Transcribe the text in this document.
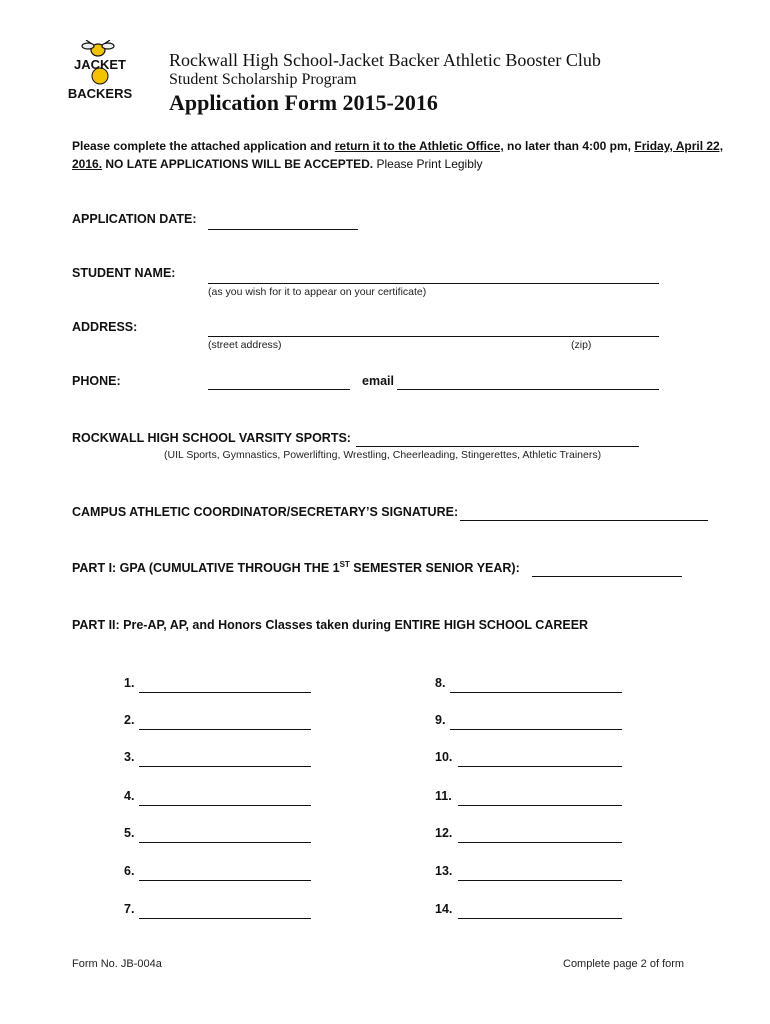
JACKET
BACKERS
Rockwall High School-Jacket Backer Athletic Booster Club
Student Scholarship Program
Application Form 2015-2016
Please complete the attached application and return it to the Athletic Office, no later than 4:00 pm, Friday, April 22, 2016. NO LATE APPLICATIONS WILL BE ACCEPTED. Please Print Legibly
APPLICATION DATE:
STUDENT NAME:
(as you wish for it to appear on your certificate)
ADDRESS:
(street address)	(zip)
PHONE:	email
ROCKWALL HIGH SCHOOL VARSITY SPORTS:
(UIL Sports, Gymnastics, Powerlifting, Wrestling, Cheerleading, Stingerettes, Athletic Trainers)
CAMPUS ATHLETIC COORDINATOR/SECRETARY’S SIGNATURE:
PART I: GPA (CUMULATIVE THROUGH THE 1ST SEMESTER SENIOR YEAR):
PART II: Pre-AP, AP, and Honors Classes taken during ENTIRE HIGH SCHOOL CAREER
1.
2.
3.
4.
5.
6.
7.
8.
9.
10.
11.
12.
13.
14.
Form No. JB-004a	Complete page 2 of form
